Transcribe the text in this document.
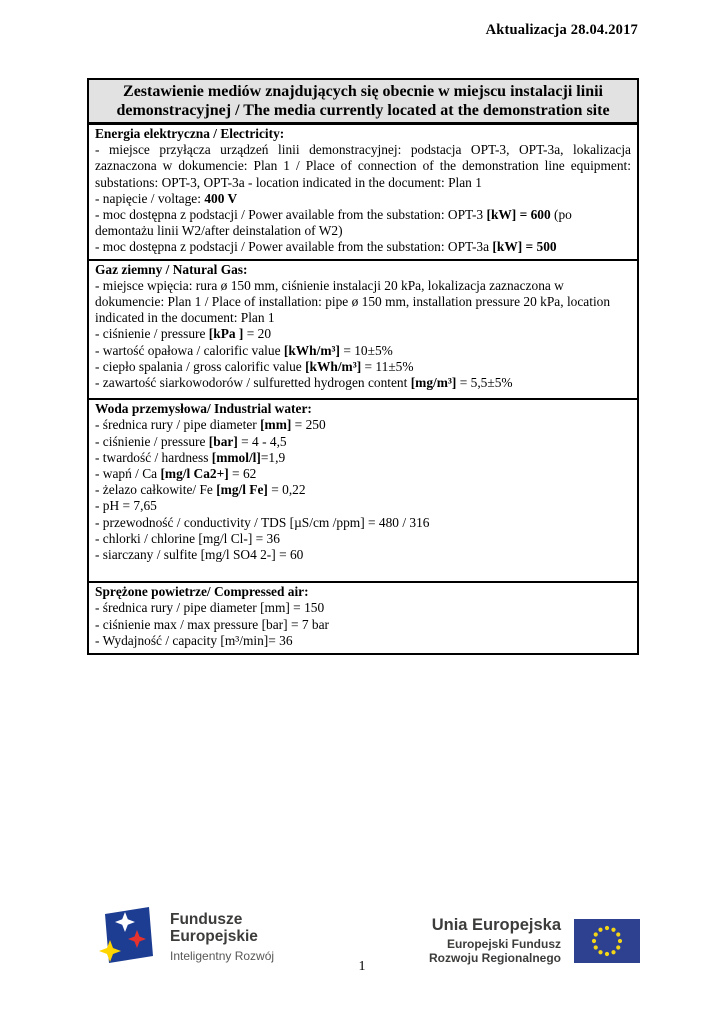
Aktualizacja 28.04.2017
Zestawienie mediów znajdujących się obecnie w miejscu instalacji linii demonstracyjnej / The media currently located at the demonstration site
Energia elektryczna / Electricity:
- miejsce przyłącza urządzeń linii demonstracyjnej: podstacja OPT-3, OPT-3a, lokalizacja zaznaczona w dokumencie: Plan 1 / Place of connection of the demonstration line equipment: substations: OPT-3, OPT-3a - location indicated in the document: Plan 1
- napięcie / voltage: 400 V
- moc dostępna z podstacji / Power available from the substation: OPT-3 [kW] = 600 (po demontażu linii W2/after deinstalation of W2)
- moc dostępna z podstacji / Power available from the substation: OPT-3a [kW] = 500
Gaz ziemny / Natural Gas:
- miejsce wpięcia: rura ø 150 mm, ciśnienie instalacji 20 kPa, lokalizacja zaznaczona w dokumencie: Plan 1 / Place of installation: pipe ø 150 mm, installation pressure 20 kPa, location indicated in the document: Plan 1
- ciśnienie / pressure [kPa ] = 20
- wartość opałowa / calorific value [kWh/m³] = 10±5%
- ciepło spalania / gross calorific value [kWh/m³] = 11±5%
- zawartość siarkowodorów / sulfuretted hydrogen content [mg/m³] = 5,5±5%
Woda przemysłowa/ Industrial water:
- średnica rury / pipe diameter [mm] = 250
- ciśnienie / pressure [bar] = 4 - 4,5
- twardość / hardness [mmol/l]=1,9
- wapń / Ca [mg/l Ca2+] = 62
- żelazo całkowite/ Fe [mg/l Fe] = 0,22
- pH = 7,65
- przewodność / conductivity / TDS [µS/cm /ppm] = 480 / 316
- chlorki / chlorine [mg/l Cl-] = 36
- siarczany / sulfite [mg/l SO4 2-] = 60
Sprężone powietrze/ Compressed air:
- średnica rury / pipe diameter [mm] = 150
- ciśnienie max / max pressure [bar] = 7 bar
- Wydajność / capacity [m³/min]= 36
Fundusze
Europejskie
Inteligentny Rozwój
Unia Europejska
Europejski Fundusz
Rozwoju Regionalnego
1
